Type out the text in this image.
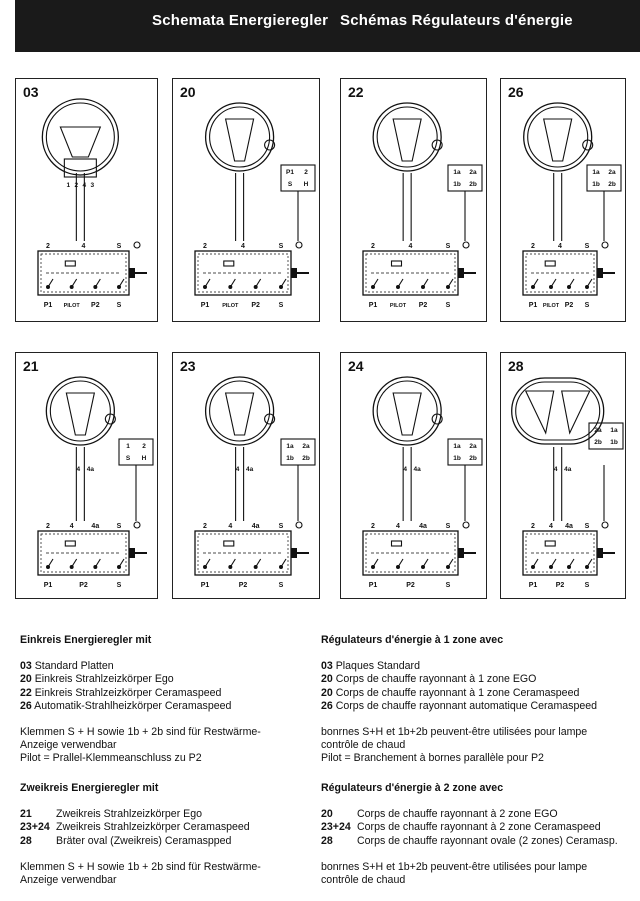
Schemata Energieregler Schémas Régulateurs d'énergie
03
1 2 4 3
2	4	S
P1 PILOT P2 S
20
P1 2
S H
2	4	S
P1 PILOT P2	S
22
1a 2a
1b 2b
2	4	S
P1 PILOT P2	S
26
1a 2a
1b 2b
2	4	S
P1 PILOT P2 S
21
1 2
S H
4 4a
2	4	4a S
P1	P2	S
23
1a 2a
1b 2b
4 4a
2	4	4a	S
P1	P2	S
24
1a 2a
1b 2b
4 4a
2	4	4a	S
P1	P2	S
28
2a 1a
2b 1b
4 4a
2 4 4a S
P1	P2	S
Einkreis Energieregler mit
03 Standard Platten
20 Einkreis Strahlzeizkörper Ego
22 Einkreis Strahlzeizkörper Ceramaspeed
26 Automatik-Strahlheizkörper Ceramaspeed
Klemmen S + H sowie 1b + 2b sind für Restwärme-
Anzeige verwendbar
Pilot = Prallel-Klemmeanschluss zu P2
Zweikreis Energieregler mit
21	Zweikreis Strahlzeizkörper Ego
23+24 Zweikreis Strahlzeizkörper Ceramaspeed
28	Bräter oval (Zweikreis) Ceramaspped
Klemmen S + H sowie 1b + 2b sind für Restwärme-
Anzeige verwendbar
Régulateurs d'énergie à 1 zone avec
03 Plaques Standard
20 Corps de chauffe rayonnant à 1 zone EGO
20 Corps de chauffe rayonnant à 1 zone Ceramaspeed
26 Corps de chauffe rayonnant automatique Ceramaspeed
bonrnes S+H et 1b+2b peuvent-être utilisées pour lampe
contrôle de chaud
Pilot = Branchement à bornes parallèle pour P2
Régulateurs d'énergie à 2 zone avec
20	Corps de chauffe rayonnant à 2 zone EGO
23+24 Corps de chauffe rayonnant à 2 zone Ceramaspeed
28	Corps de chauffe rayonnant ovale (2 zones) Ceramasp.
bonrnes S+H et 1b+2b peuvent-être utilisées pour lampe
contrôle de chaud
